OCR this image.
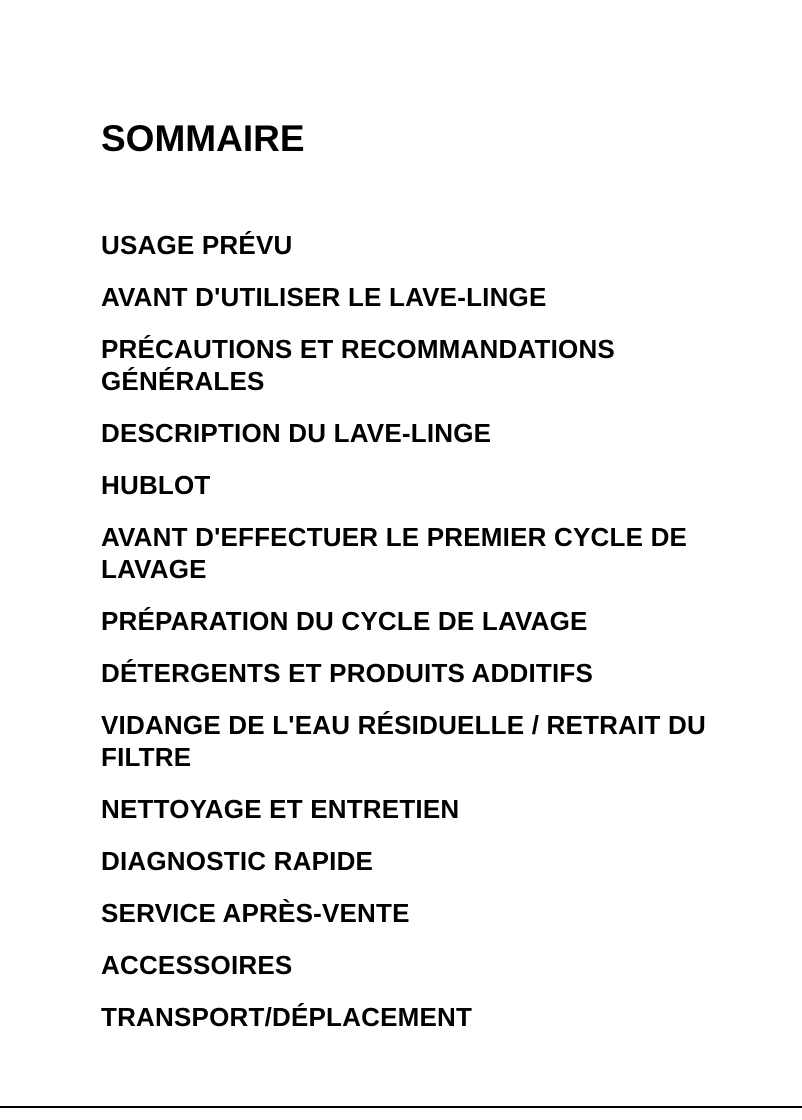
SOMMAIRE
USAGE PRÉVU
AVANT D'UTILISER LE LAVE-LINGE
PRÉCAUTIONS ET RECOMMANDATIONS GÉNÉRALES
DESCRIPTION DU LAVE-LINGE
HUBLOT
AVANT D'EFFECTUER LE PREMIER CYCLE DE LAVAGE
PRÉPARATION DU CYCLE DE LAVAGE
DÉTERGENTS ET PRODUITS ADDITIFS
VIDANGE DE L'EAU RÉSIDUELLE / RETRAIT DU FILTRE
NETTOYAGE ET ENTRETIEN
DIAGNOSTIC RAPIDE
SERVICE APRÈS-VENTE
ACCESSOIRES
TRANSPORT/DÉPLACEMENT
